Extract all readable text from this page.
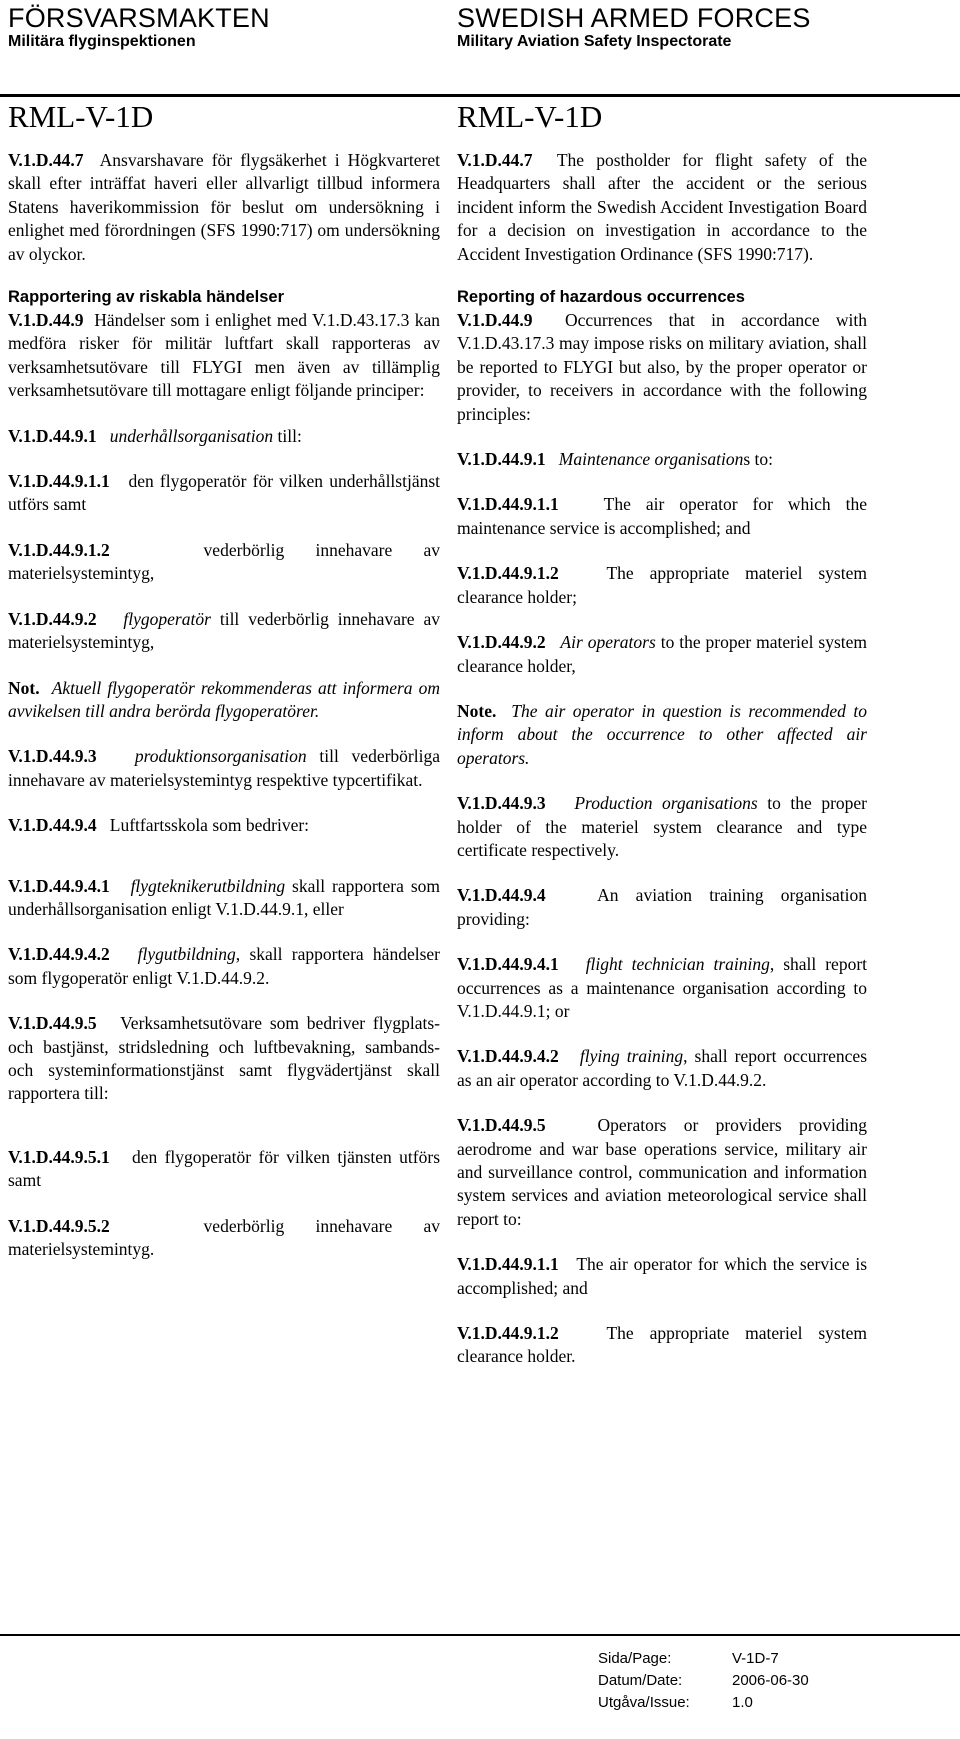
FÖRSVARSMAKTEN
Militära flyginspektionen
SWEDISH ARMED FORCES
Military Aviation Safety Inspectorate
RML-V-1D

V.1.D.44.7 Ansvarshavare för flygsäkerhet i Högkvarteret skall efter inträffat haveri eller allvarligt tillbud informera Statens haverikommission för beslut om undersökning i enlighet med förordningen (SFS 1990:717) om undersökning av olyckor.

Rapportering av riskabla händelser

V.1.D.44.9 Händelser som i enlighet med V.1.D.43.17.3 kan medföra risker för militär luftfart skall rapporteras av verksamhetsutövare till FLYGI men även av tillämplig verksamhetsutövare till mottagare enligt följande principer:

V.1.D.44.9.1 underhållsorganisation till:

V.1.D.44.9.1.1 den flygoperatör för vilken underhållstjänst utförs samt

V.1.D.44.9.1.2	vederbörlig innehavare av materielsystemintyg,

V.1.D.44.9.2 flygoperatör till vederbörlig innehavare av materielsystemintyg,

Not. Aktuell flygoperatör rekommenderas att informera om avvikelsen till andra berörda flygoperatörer.

V.1.D.44.9.3 produktionsorganisation till vederbörliga innehavare av materielsystemintyg respektive typcertifikat.

V.1.D.44.9.4 Luftfartsskola som bedriver:

V.1.D.44.9.4.1 flygteknikerutbildning skall rapportera som underhållsorganisation enligt V.1.D.44.9.1, eller

V.1.D.44.9.4.2 flygutbildning, skall rapportera händelser som flygoperatör enligt V.1.D.44.9.2.

V.1.D.44.9.5 Verksamhetsutövare som bedriver flygplats- och bastjänst, stridsledning och luftbevakning, sambands- och systeminformationstjänst samt flygvädertjänst skall rapportera till:

V.1.D.44.9.5.1 den flygoperatör för vilken tjänsten utförs samt

V.1.D.44.9.5.2	vederbörlig innehavare av materielsystemintyg.

RML-V-1D

V.1.D.44.7 The postholder for flight safety of the Headquarters shall after the accident or the serious incident inform the Swedish Accident Investigation Board for a decision on investigation in accordance to the Accident Investigation Ordinance (SFS 1990:717).

Reporting of hazardous occurrences

V.1.D.44.9 Occurrences that in accordance with V.1.D.43.17.3 may impose risks on military aviation, shall be reported to FLYGI but also, by the proper operator or provider, to receivers in accordance with the following principles:

V.1.D.44.9.1 Maintenance organisations to:

V.1.D.44.9.1.1	The air operator for which the maintenance service is accomplished; and

V.1.D.44.9.1.2	The appropriate materiel system clearance holder;

V.1.D.44.9.2 Air operators to the proper materiel system clearance holder,

Note. The air operator in question is recommended to inform about the occurrence to other affected air operators.

V.1.D.44.9.3 Production organisations to the proper holder of the materiel system clearance and type certificate respectively.

V.1.D.44.9.4	An aviation training organisation providing:

V.1.D.44.9.4.1 flight technician training, shall report occurrences as a maintenance organisation according to V.1.D.44.9.1; or

V.1.D.44.9.4.2 flying training, shall report occurrences as an air operator according to V.1.D.44.9.2.

V.1.D.44.9.5	Operators or providers providing aerodrome and war base operations service, military air and surveillance control, communication and information system services and aviation meteorological service shall report to:

V.1.D.44.9.1.1 The air operator for which the service is accomplished; and

V.1.D.44.9.1.2	The appropriate materiel system clearance holder.

Sida/Page:	V-1D-7
Datum/Date:	2006-06-30
Utgåva/Issue:	1.0
